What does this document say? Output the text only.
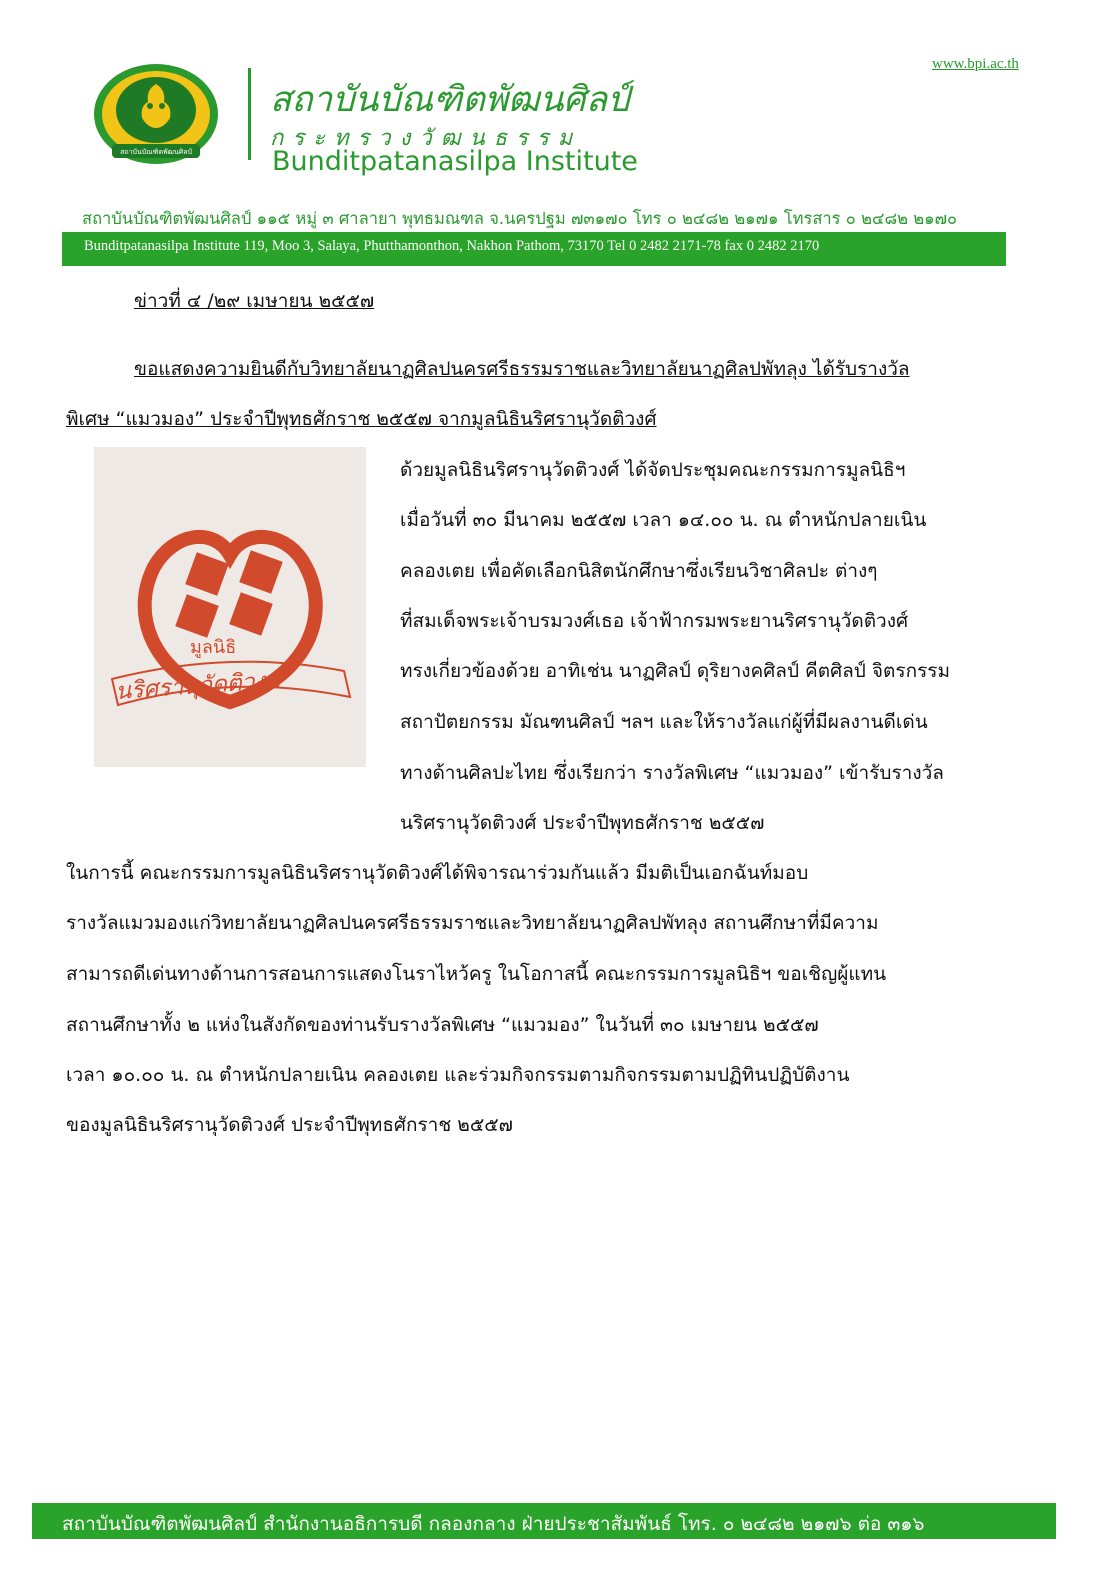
www.bpi.ac.th
สถาบันบัณฑิตพัฒนศิลป์
สถาบันบัณฑิตพัฒนศิลป์
กระทรวงวัฒนธรรม
Bunditpatanasilpa Institute
สถาบันบัณฑิตพัฒนศิลป์ ๑๑๕ หมู่ ๓ ศาลายา พุทธมณฑล จ.นครปฐม ๗๓๑๗๐ โทร ๐ ๒๔๘๒ ๒๑๗๑ โทรสาร ๐ ๒๔๘๒ ๒๑๗๐
Bunditpatanasilpa Institute 119, Moo 3, Salaya, Phutthamonthon, Nakhon Pathom, 73170 Tel 0 2482 2171-78 fax 0 2482 2170
ข่าวที่ ๔ /๒๙ เมษายน ๒๕๕๗
ขอแสดงความยินดีกับวิทยาลัยนาฏศิลปนครศรีธรรมราชและวิทยาลัยนาฏศิลปพัทลุง ได้รับรางวัล
พิเศษ “แมวมอง” ประจำปีพุทธศักราช ๒๕๕๗ จากมูลนิธินริศรานุวัดติวงศ์
มูลนิธิ
นริศรานุวัดติวงศ์
ด้วยมูลนิธินริศรานุวัดติวงศ์ ได้จัดประชุมคณะกรรมการมูลนิธิฯ
เมื่อวันที่ ๓๐ มีนาคม ๒๕๕๗ เวลา ๑๔.๐๐ น. ณ ตำหนักปลายเนิน
คลองเตย เพื่อคัดเลือกนิสิตนักศึกษาซึ่งเรียนวิชาศิลปะ ต่างๆ
ที่สมเด็จพระเจ้าบรมวงศ์เธอ เจ้าฟ้ากรมพระยานริศรานุวัดติวงศ์
ทรงเกี่ยวข้องด้วย อาทิเช่น นาฏศิลป์ ดุริยางคศิลป์ คีตศิลป์ จิตรกรรม
สถาปัตยกรรม มัณฑนศิลป์ ฯลฯ และให้รางวัลแก่ผู้ที่มีผลงานดีเด่น
ทางด้านศิลปะไทย ซึ่งเรียกว่า รางวัลพิเศษ “แมวมอง” เข้ารับรางวัล
นริศรานุวัดติวงศ์ ประจำปีพุทธศักราช ๒๕๕๗
ในการนี้ คณะกรรมการมูลนิธินริศรานุวัดติวงศ์ได้พิจารณาร่วมกันแล้ว มีมติเป็นเอกฉันท์มอบ
รางวัลแมวมองแก่วิทยาลัยนาฏศิลปนครศรีธรรมราชและวิทยาลัยนาฏศิลปพัทลุง สถานศึกษาที่มีความ
สามารถดีเด่นทางด้านการสอนการแสดงโนราไหว้ครู ในโอกาสนี้ คณะกรรมการมูลนิธิฯ ขอเชิญผู้แทน
สถานศึกษาทั้ง ๒ แห่งในสังกัดของท่านรับรางวัลพิเศษ “แมวมอง” ในวันที่ ๓๐ เมษายน ๒๕๕๗
เวลา ๑๐.๐๐ น. ณ ตำหนักปลายเนิน คลองเตย และร่วมกิจกรรมตามกิจกรรมตามปฏิทินปฏิบัติงาน
ของมูลนิธินริศรานุวัดติวงศ์ ประจำปีพุทธศักราช ๒๕๕๗
สถาบันบัณฑิตพัฒนศิลป์ สำนักงานอธิการบดี กลองกลาง ฝ่ายประชาสัมพันธ์ โทร. ๐ ๒๔๘๒ ๒๑๗๖ ต่อ ๓๑๖
